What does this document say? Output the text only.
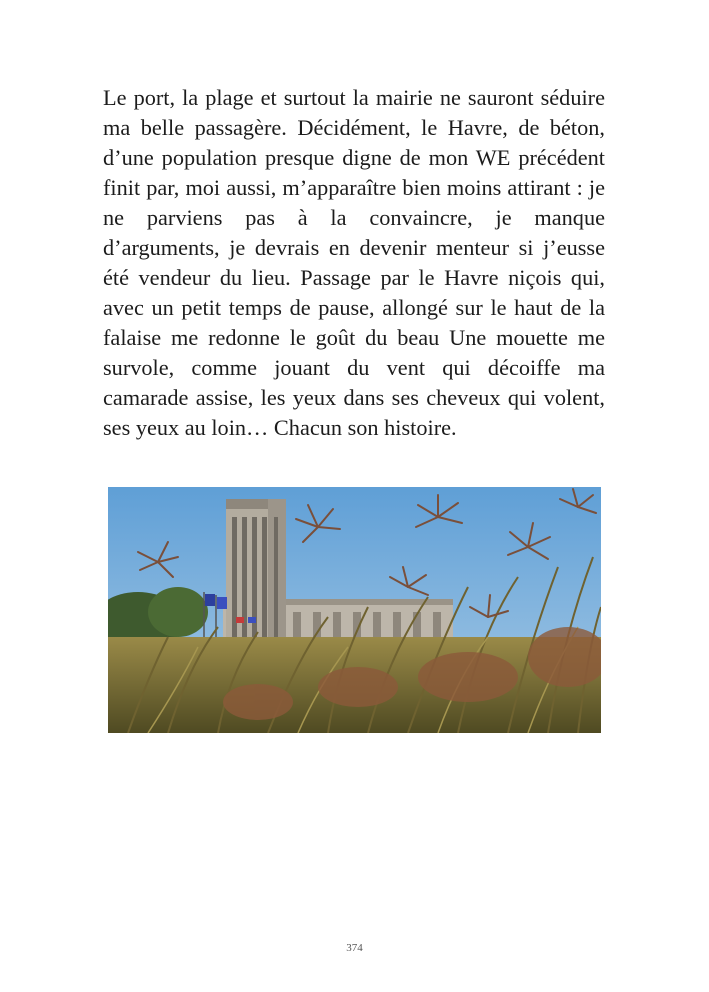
Le port, la plage et surtout la mairie ne sauront séduire ma belle passagère. Décidément, le Havre, de béton, d’une population presque digne de mon WE précédent finit par, moi aussi, m’apparaître bien moins attirant : je ne parviens pas à la convaincre, je manque d’arguments, je devrais en devenir menteur si j’eusse été vendeur du lieu. Passage par le Havre niçois qui, avec un petit temps de pause, allongé sur le haut de la falaise me redonne le goût du beau Une mouette me survole, comme jouant du vent qui décoiffe ma camarade assise, les yeux dans ses cheveux qui volent, ses yeux au loin… Chacun son histoire.

374
